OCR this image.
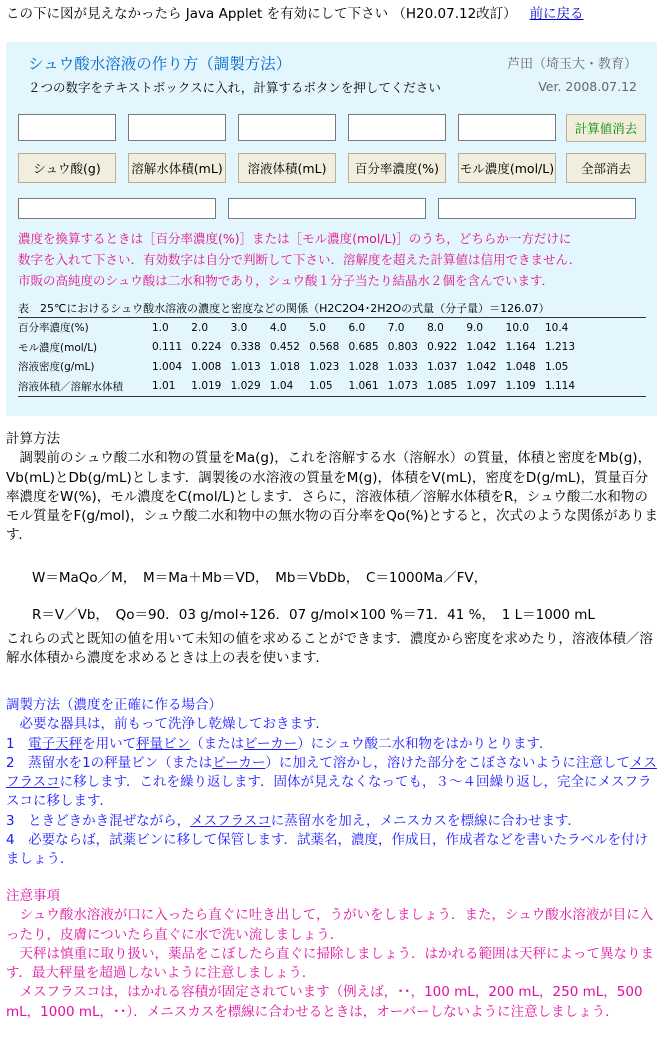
この下に図が見えなかったら Java Applet を有効にして下さい （H20.07.12改訂） 前に戻る
シュウ酸水溶液の作り方（調製方法）	芦田（埼玉大・教育）
２つの数字をテキストボックスに入れ，計算するボタンを押してください	Ver. 2008.07.12
計算値消去
シュウ酸(g)	溶解水体積(mL)	溶液体積(mL)	百分率濃度(%)	モル濃度(mol/L)	全部消去
濃度を換算するときは［百分率濃度(%)］または［モル濃度(mol/L)］のうち，どちらか一方だけに
数字を入れて下さい．有効数字は自分で判断して下さい．溶解度を超えた計算値は信用できません．
市販の高純度のシュウ酸は二水和物であり，シュウ酸１分子当たり結晶水２個を含んでいます．
表　25℃におけるシュウ酸水溶液の濃度と密度などの関係（H2C2O4･2H2Oの式量（分子量）＝126.07）
百分率濃度(%)	1.0	2.0	3.0	4.0	5.0	6.0	7.0	8.0	9.0	10.0	10.4
モル濃度(mol/L)	0.111	0.224	0.338	0.452	0.568	0.685	0.803	0.922	1.042	1.164	1.213
溶液密度(g/mL)	1.004	1.008	1.013	1.018	1.023	1.028	1.033	1.037	1.042	1.048	1.05
溶液体積／溶解水体積	1.01	1.019	1.029	1.04	1.05	1.061	1.073	1.085	1.097	1.109	1.114

計算方法

　調製前のシュウ酸二水和物の質量をMa(g)，これを溶解する水（溶解水）の質量，体積と密度をMb(g)，Vb(mL)とDb(g/mL)とします．調製後の水溶液の質量をM(g)，体積をV(mL)，密度をD(g/mL)，質量百分率濃度をW(%)，モル濃度をC(mol/L)とします．さらに，溶液体積／溶解水体積をR，シュウ酸二水和物のモル質量をF(g/mol)，シュウ酸二水和物中の無水物の百分率をQo(%)とすると，次式のような関係があります．

W＝MaQo／M，　M＝Ma＋Mb＝VD，　Mb＝VbDb，　C＝1000Ma／FV，
R＝V／Vb，　Qo＝90．03 g/mol÷126．07 g/mol×100 %＝71．41 %，　1 L＝1000 mL

これらの式と既知の値を用いて未知の値を求めることができます．濃度から密度を求めたり，溶液体積／溶解水体積から濃度を求めるときは上の表を使います．

調製方法（濃度を正確に作る場合）

　必要な器具は，前もって洗浄し乾燥しておきます．

1　電子天秤を用いて秤量ビン（またはビーカー）にシュウ酸二水和物をはかりとります．

2　蒸留水を1の秤量ビン（またはビーカー）に加えて溶かし，溶けた部分をこぼさないように注意してメスフラスコに移します．これを繰り返します．固体が見えなくなっても，３～４回繰り返し，完全にメスフラスコに移します．

3　ときどきかき混ぜながら，メスフラスコに蒸留水を加え，メニスカスを標線に合わせます．

4　必要ならば，試薬ビンに移して保管します．試薬名，濃度，作成日，作成者などを書いたラベルを付けましょう．

注意事項

　シュウ酸水溶液が口に入ったら直ぐに吐き出して，うがいをしましょう．また，シュウ酸水溶液が目に入ったり，皮膚についたら直ぐに水で洗い流しましょう．

　天秤は慎重に取り扱い，薬品をこぼしたら直ぐに掃除しましょう．はかれる範囲は天秤によって異なります．最大秤量を超過しないように注意しましょう．

　メスフラスコは，はかれる容積が固定されています（例えば，･･，100 mL，200 mL，250 mL，500 mL，1000 mL，･･）．メニスカスを標線に合わせるときは，オーバーしないように注意しましょう．
